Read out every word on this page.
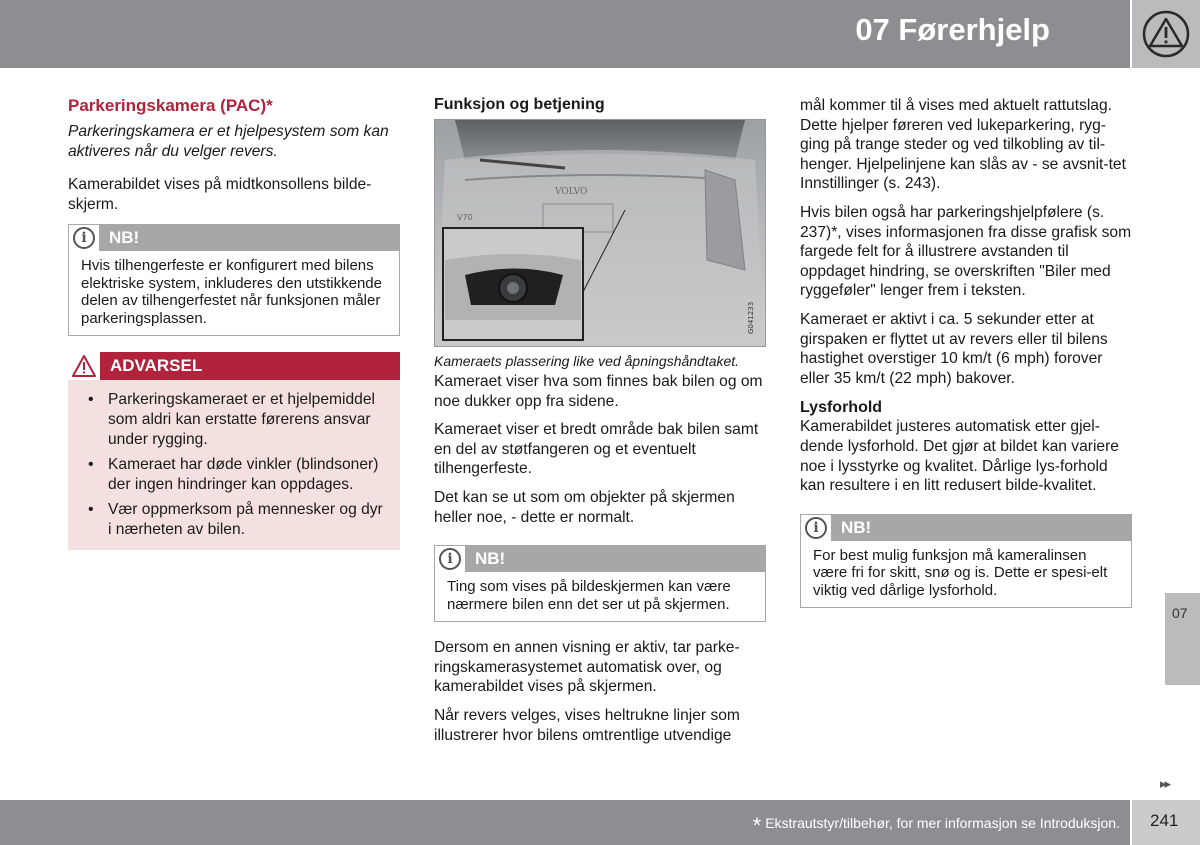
07 Førerhjelp
Parkeringskamera (PAC)*

Parkeringskamera er et hjelpesystem som kan aktiveres når du velger revers.

Kamerabildet vises på midtkonsollens bilde-skjerm.

i
NB!
Hvis tilhengerfeste er konfigurert med bilens elektriske system, inkluderes den utstikkende delen av tilhengerfestet når funksjonen måler parkeringsplassen.
ADVARSEL
• Parkeringskameraet er et hjelpemiddel som aldri kan erstatte førerens ansvar under rygging.
• Kameraet har døde vinkler (blindsoner) der ingen hindringer kan oppdages.
• Vær oppmerksom på mennesker og dyr i nærheten av bilen.
Funksjon og betjening
VOLVO
V70
G041233

Kameraets plassering like ved åpningshåndtaket.

Kameraet viser hva som finnes bak bilen og om noe dukker opp fra sidene.

Kameraet viser et bredt område bak bilen samt en del av støtfangeren og et eventuelt tilhengerfeste.

Det kan se ut som om objekter på skjermen heller noe, - dette er normalt.

i
NB!
Ting som vises på bildeskjermen kan være nærmere bilen enn det ser ut på skjermen.

Dersom en annen visning er aktiv, tar parke-ringskamerasystemet automatisk over, og kamerabildet vises på skjermen.

Når revers velges, vises heltrukne linjer som illustrerer hvor bilens omtrentlige utvendige

mål kommer til å vises med aktuelt rattutslag. Dette hjelper føreren ved lukeparkering, ryg-ging på trange steder og ved tilkobling av til-henger. Hjelpelinjene kan slås av - se avsnit-tet Innstillinger (s. 243).

Hvis bilen også har parkeringshjelpfølere (s. 237)*, vises informasjonen fra disse grafisk som fargede felt for å illustrere avstanden til oppdaget hindring, se overskriften "Biler med ryggeføler" lenger frem i teksten.

Kameraet er aktivt i ca. 5 sekunder etter at girspaken er flyttet ut av revers eller til bilens hastighet overstiger 10 km/t (6 mph) forover eller 35 km/t (22 mph) bakover.

Lysforhold

Kamerabildet justeres automatisk etter gjel-dende lysforhold. Det gjør at bildet kan variere noe i lysstyrke og kvalitet. Dårlige lys-forhold kan resultere i en litt redusert bilde-kvalitet.

i
NB!
For best mulig funksjon må kameralinsen være fri for skitt, snø og is. Dette er spesi-elt viktig ved dårlige lysforhold.
07
▸▸
* Ekstrautstyr/tilbehør, for mer informasjon se Introduksjon. 241
